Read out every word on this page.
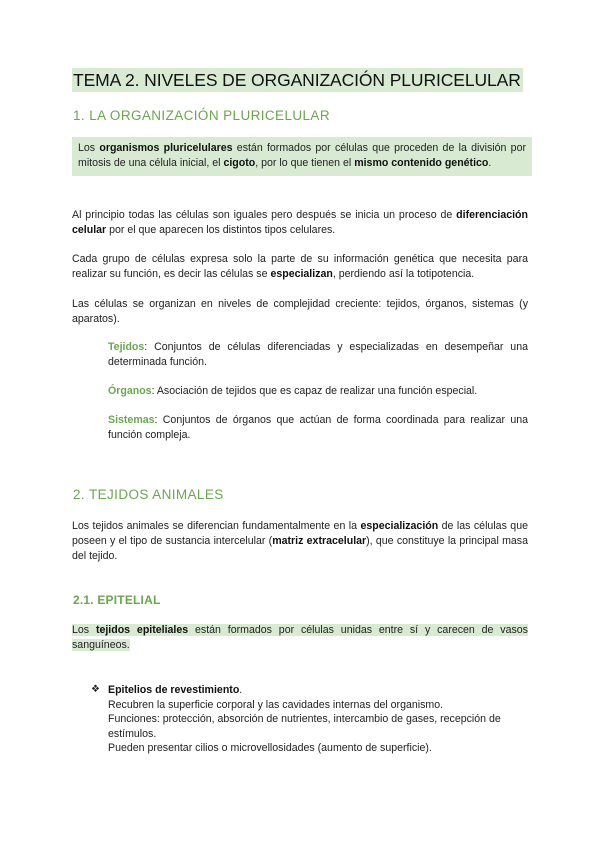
TEMA 2. NIVELES DE ORGANIZACIÓN PLURICELULAR
1. LA ORGANIZACIÓN PLURICELULAR
Los organismos pluricelulares están formados por células que proceden de la división por mitosis de una célula inicial, el cigoto, por lo que tienen el mismo contenido genético.
Al principio todas las células son iguales pero después se inicia un proceso de diferenciación celular por el que aparecen los distintos tipos celulares.
Cada grupo de células expresa solo la parte de su información genética que necesita para realizar su función, es decir las células se especializan, perdiendo así la totipotencia.
Las células se organizan en niveles de complejidad creciente: tejidos, órganos, sistemas (y aparatos).
Tejidos: Conjuntos de células diferenciadas y especializadas en desempeñar una determinada función.
Órganos: Asociación de tejidos que es capaz de realizar una función especial.
Sistemas: Conjuntos de órganos que actúan de forma coordinada para realizar una función compleja.
2. TEJIDOS ANIMALES
Los tejidos animales se diferencian fundamentalmente en la especialización de las células que poseen y el tipo de sustancia intercelular (matriz extracelular), que constituye la principal masa del tejido.
2.1. EPITELIAL
Los tejidos epiteliales están formados por células unidas entre sí y carecen de vasos sanguíneos.
❖ Epitelios de revestimiento.
Recubren la superficie corporal y las cavidades internas del organismo.
Funciones: protección, absorción de nutrientes, intercambio de gases, recepción de estímulos.
Pueden presentar cilios o microvellosidades (aumento de superficie).
